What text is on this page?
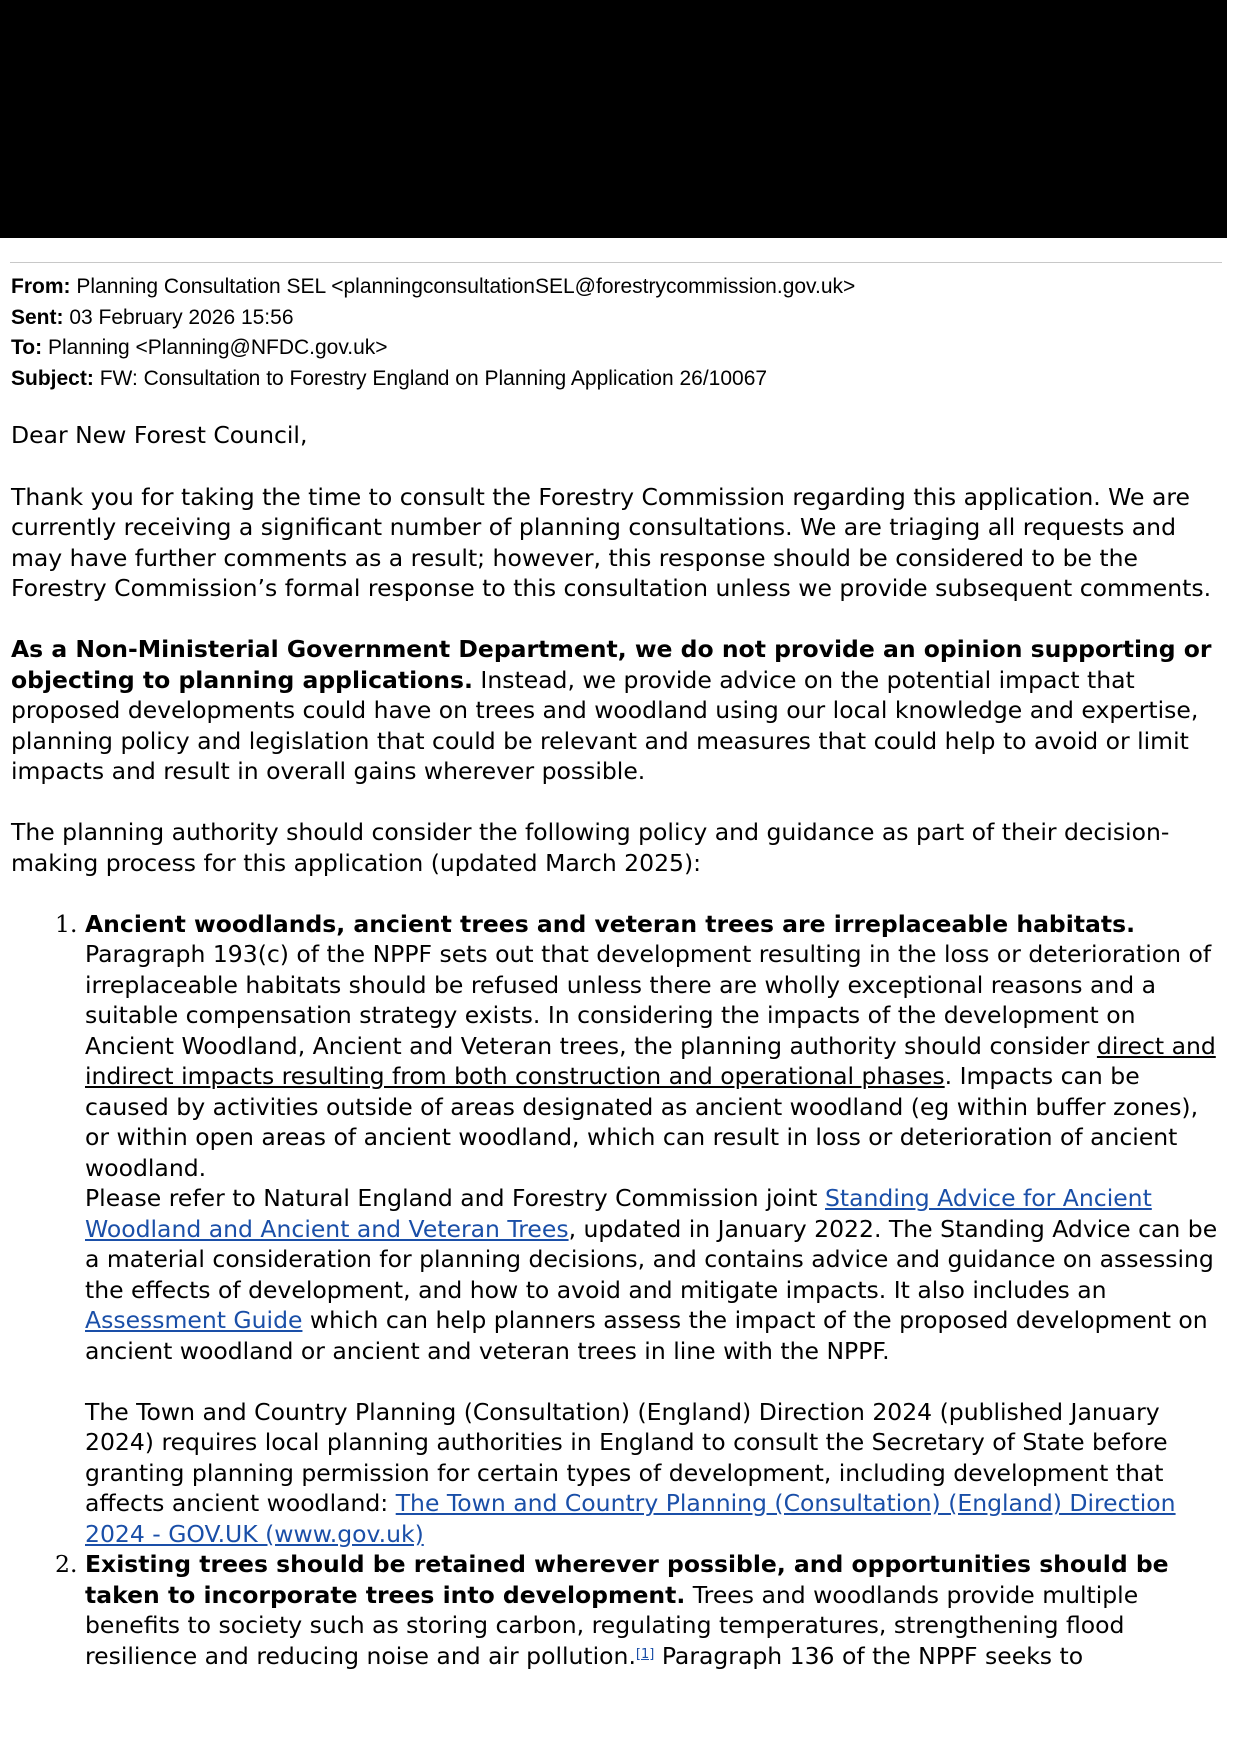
From: Planning Consultation SEL <planningconsultationSEL@forestrycommission.gov.uk>
Sent: 03 February 2026 15:56
To: Planning <Planning@NFDC.gov.uk>
Subject: FW: Consultation to Forestry England on Planning Application 26/10067

Dear New Forest Council,

Thank you for taking the time to consult the Forestry Commission regarding this application. We are currently receiving a significant number of planning consultations. We are triaging all requests and may have further comments as a result; however, this response should be considered to be the Forestry Commission’s formal response to this consultation unless we provide subsequent comments.

As a Non-Ministerial Government Department, we do not provide an opinion supporting or objecting to planning applications. Instead, we provide advice on the potential impact that proposed developments could have on trees and woodland using our local knowledge and expertise, planning policy and legislation that could be relevant and measures that could help to avoid or limit impacts and result in overall gains wherever possible.

The planning authority should consider the following policy and guidance as part of their decision-making process for this application (updated March 2025):

1. Ancient woodlands, ancient trees and veteran trees are irreplaceable habitats. Paragraph 193(c) of the NPPF sets out that development resulting in the loss or deterioration of irreplaceable habitats should be refused unless there are wholly exceptional reasons and a suitable compensation strategy exists. In considering the impacts of the development on Ancient Woodland, Ancient and Veteran trees, the planning authority should consider direct and indirect impacts resulting from both construction and operational phases. Impacts can be caused by activities outside of areas designated as ancient woodland (eg within buffer zones), or within open areas of ancient woodland, which can result in loss or deterioration of ancient woodland.
Please refer to Natural England and Forestry Commission joint Standing Advice for Ancient Woodland and Ancient and Veteran Trees, updated in January 2022. The Standing Advice can be a material consideration for planning decisions, and contains advice and guidance on assessing the effects of development, and how to avoid and mitigate impacts. It also includes an Assessment Guide which can help planners assess the impact of the proposed development on ancient woodland or ancient and veteran trees in line with the NPPF.
The Town and Country Planning (Consultation) (England) Direction 2024 (published January 2024) requires local planning authorities in England to consult the Secretary of State before granting planning permission for certain types of development, including development that affects ancient woodland: The Town and Country Planning (Consultation) (England) Direction 2024 - GOV.UK (www.gov.uk)
2. Existing trees should be retained wherever possible, and opportunities should be taken to incorporate trees into development. Trees and woodlands provide multiple benefits to society such as storing carbon, regulating temperatures, strengthening flood resilience and reducing noise and air pollution.[1] Paragraph 136 of the NPPF seeks to
